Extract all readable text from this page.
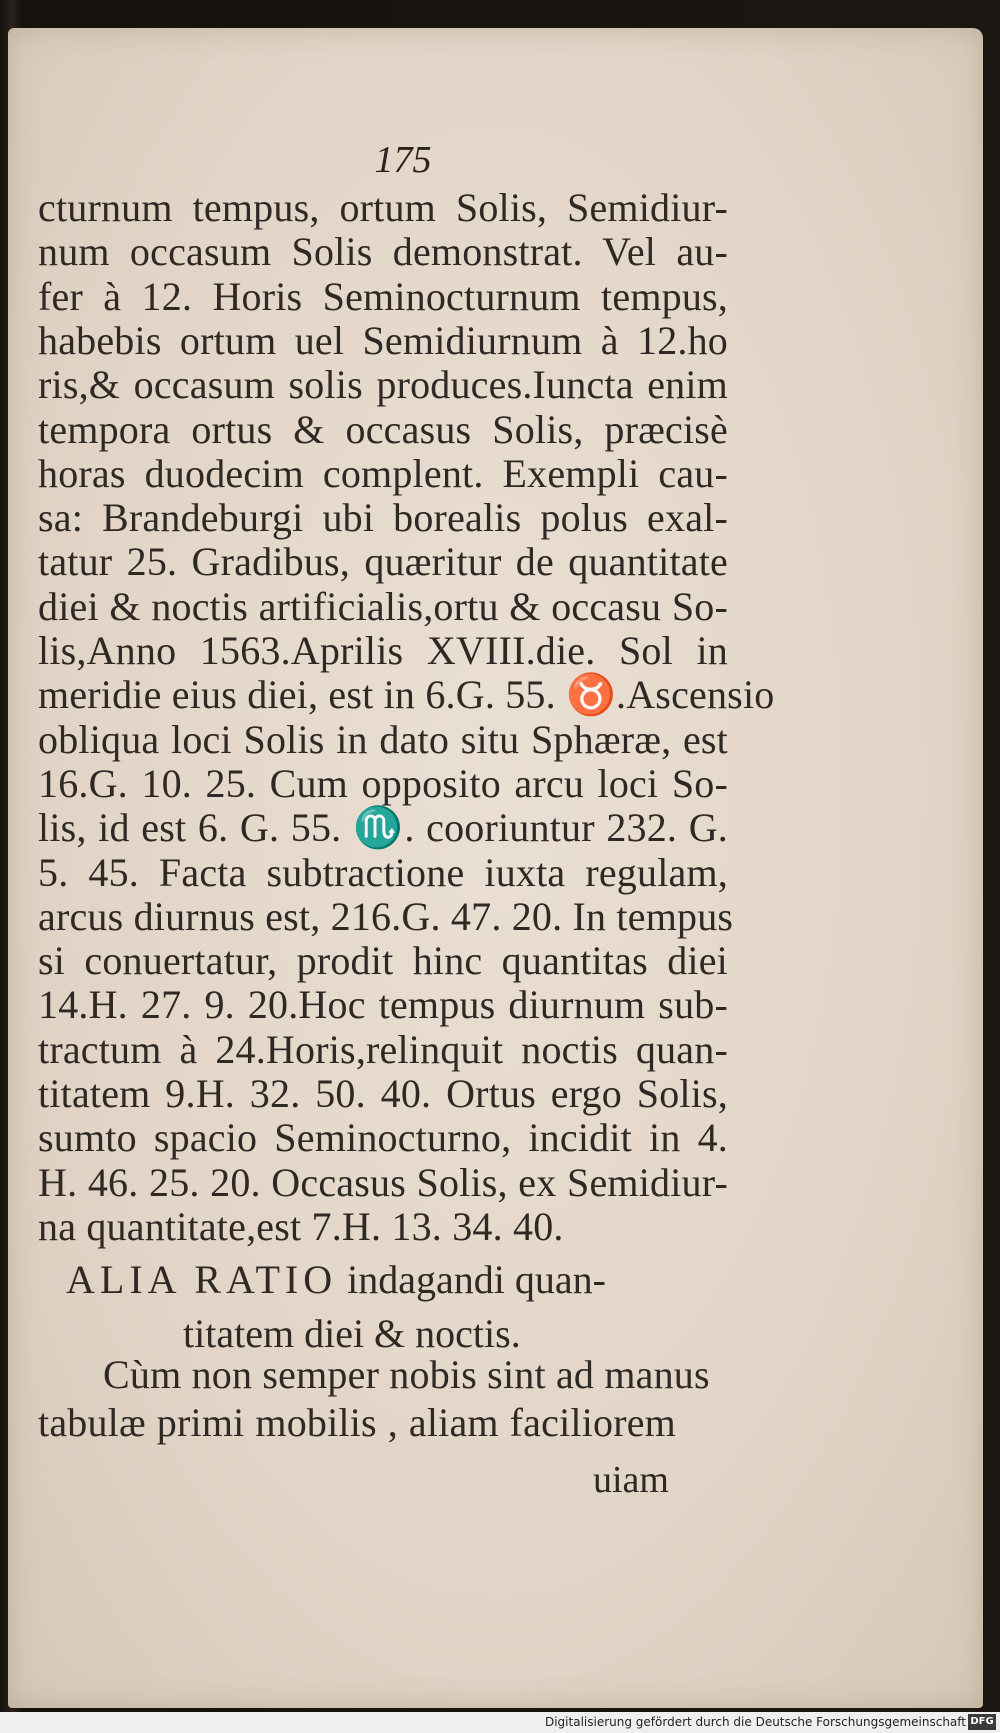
175
cturnum tempus, ortum Solis, Semidiur-
num occasum Solis demonstrat. Vel au-
fer à 12. Horis Seminocturnum tempus,
habebis ortum uel Semidiurnum à 12.ho
ris,& occasum solis produces.Iuncta enim
tempora ortus & occasus Solis, præcisè
horas duodecim complent. Exempli cau-
sa: Brandeburgi ubi borealis polus exal-
tatur 25. Gradibus, quæritur de quantitate
diei & noctis artificialis,ortu & occasu So-
lis,Anno 1563.Aprilis XVIII.die. Sol in
meridie eius diei, est in 6.G. 55. ♉.Ascensio
obliqua loci Solis in dato situ Sphæræ, est
16.G. 10. 25. Cum opposito arcu loci So-
lis, id est 6. G. 55. ♏. cooriuntur 232. G.
5. 45. Facta subtractione iuxta regulam,
arcus diurnus est, 216.G. 47. 20. In tempus
si conuertatur, prodit hinc quantitas diei
14.H. 27. 9. 20.Hoc tempus diurnum sub-
tractum à 24.Horis,relinquit noctis quan-
titatem 9.H. 32. 50. 40. Ortus ergo Solis,
sumto spacio Seminocturno, incidit in 4.
H. 46. 25. 20. Occasus Solis, ex Semidiur-
na quantitate,est 7.H. 13. 34. 40.
ALIA RATIO indagandi quan-
titatem diei & noctis.
Cùm non semper nobis sint ad manus
tabulæ primi mobilis , aliam faciliorem
uiam
Digitalisierung gefördert durch die Deutsche Forschungsgemeinschaft DFG
